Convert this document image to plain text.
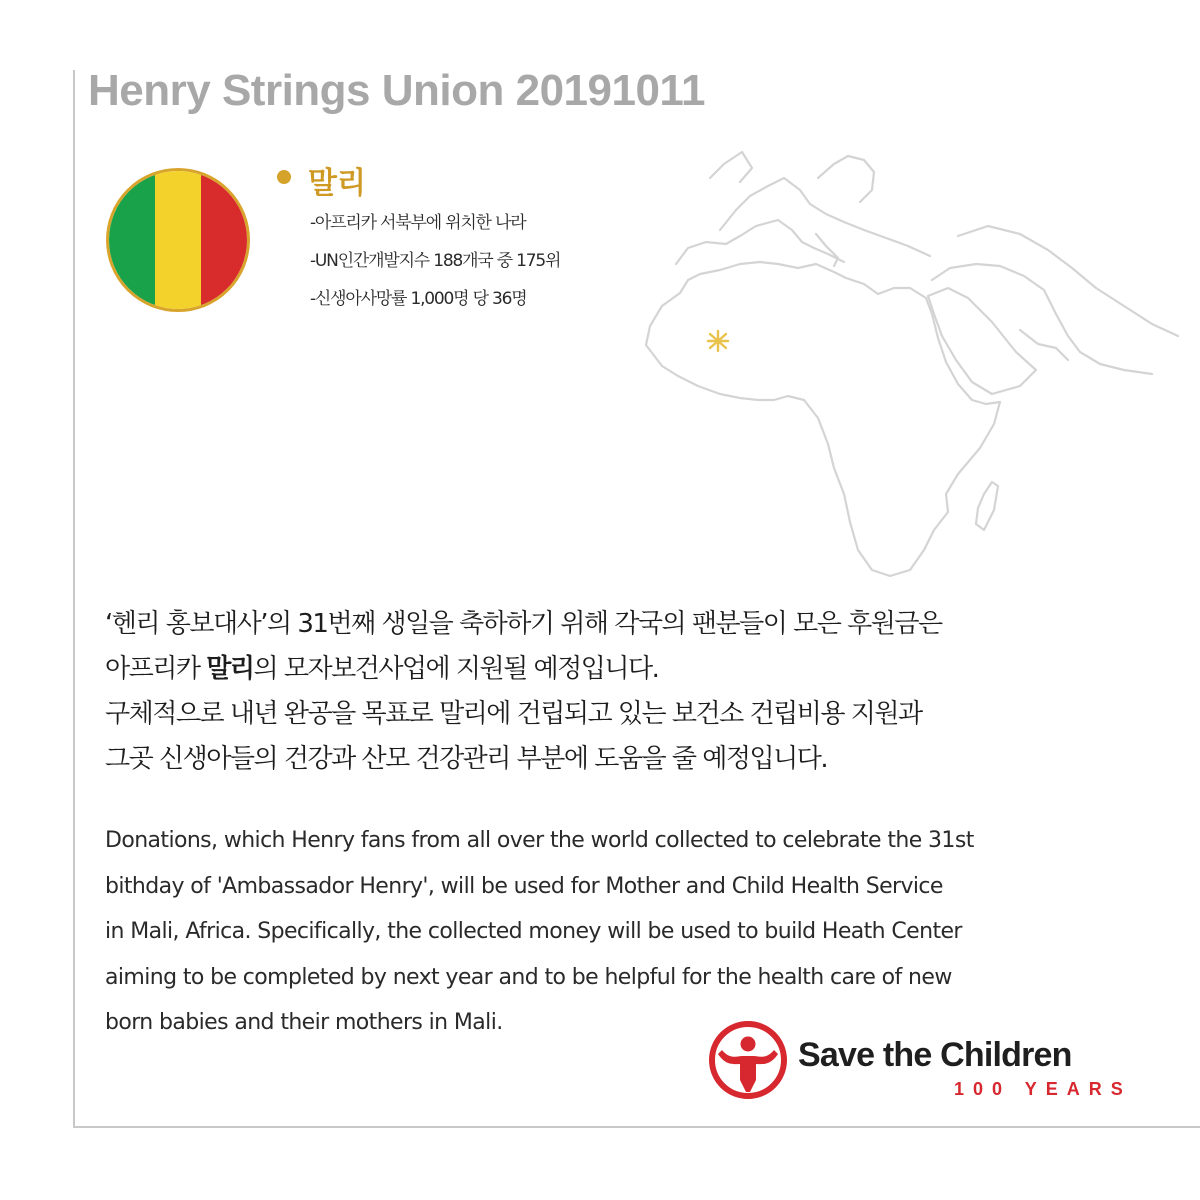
Henry Strings Union 20191011
말리
-아프리카 서북부에 위치한 나라
-UN인간개발지수 188개국 중 175위
-신생아사망률 1,000명 당 36명

‘헨리 홍보대사’의 31번째 생일을 축하하기 위해 각국의 팬분들이 모은 후원금은

아프리카 말리의 모자보건사업에 지원될 예정입니다.

구체적으로 내년 완공을 목표로 말리에 건립되고 있는 보건소 건립비용 지원과

그곳 신생아들의 건강과 산모 건강관리 부분에 도움을 줄 예정입니다.

Donations, which Henry fans from all over the world collected to celebrate the 31st

bithday of 'Ambassador Henry', will be used for Mother and Child Health Service

in Mali, Africa. Specifically, the collected money will be used to build Heath Center

aiming to be completed by next year and to be helpful for the health care of new

born babies and their mothers in Mali.

Save the Children
100 YEARS
